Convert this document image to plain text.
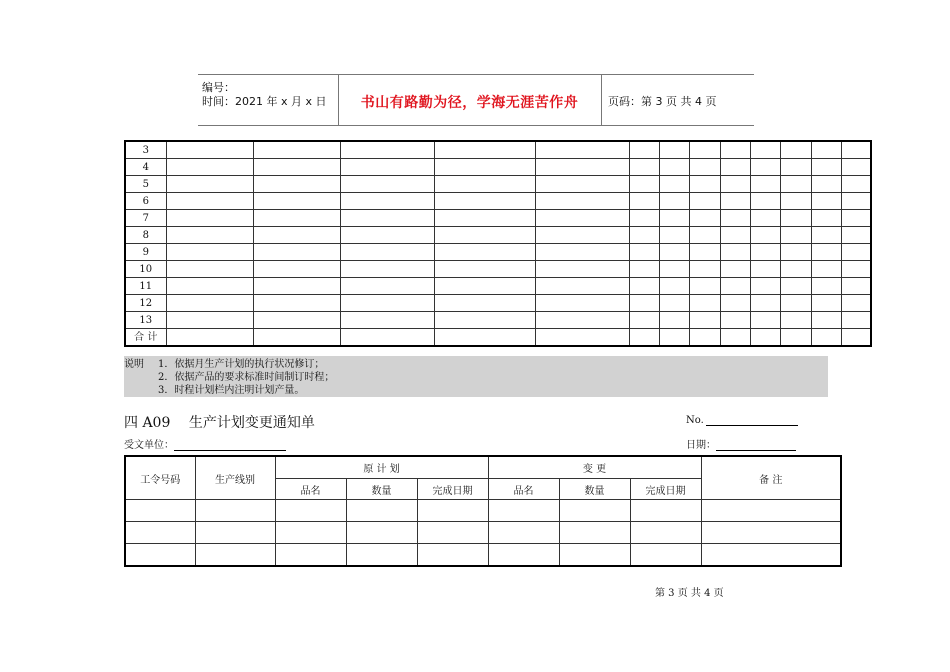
编号：
时间：2021 年 x 月 x 日	书山有路勤为径，学海无涯苦作舟	页码：第 3 页 共 4 页
3													
4													
5													
6													
7													
8													
9													
10													
11													
12													
13													
合 计													
说明 1．依据月生产计划的执行状况修订；
2．依据产品的要求标准时间制订时程；
3．时程计划栏内注明计划产量。
四 A09 生产计划变更通知单	No.
受文单位：	日期：
工令号码	生产线别	原 计 划			变 更			备 注
		品名	数量	完成日期	品名	数量	完成日期	

第 3 页 共 4 页
